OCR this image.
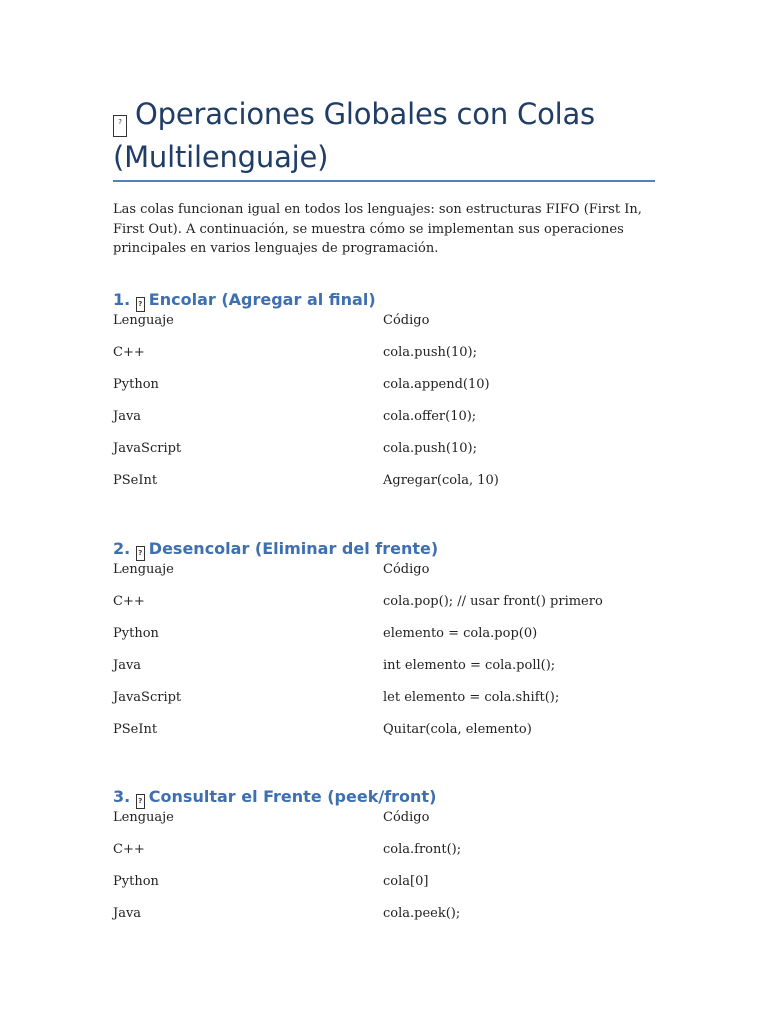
? Operaciones Globales con Colas (Multilenguaje)

Las colas funcionan igual en todos los lenguajes: son estructuras FIFO (First In, First Out). A continuación, se muestra cómo se implementan sus operaciones principales en varios lenguajes de programación.

1. ? Encolar (Agregar al final)
Lenguaje	Código
C++	cola.push(10);
Python	cola.append(10)
Java	cola.offer(10);
JavaScript	cola.push(10);
PSeInt	Agregar(cola, 10)
2. ? Desencolar (Eliminar del frente)
Lenguaje	Código
C++	cola.pop(); // usar front() primero
Python	elemento = cola.pop(0)
Java	int elemento = cola.poll();
JavaScript	let elemento = cola.shift();
PSeInt	Quitar(cola, elemento)
3. ? Consultar el Frente (peek/front)
Lenguaje	Código
C++	cola.front();
Python	cola[0]
Java	cola.peek();
